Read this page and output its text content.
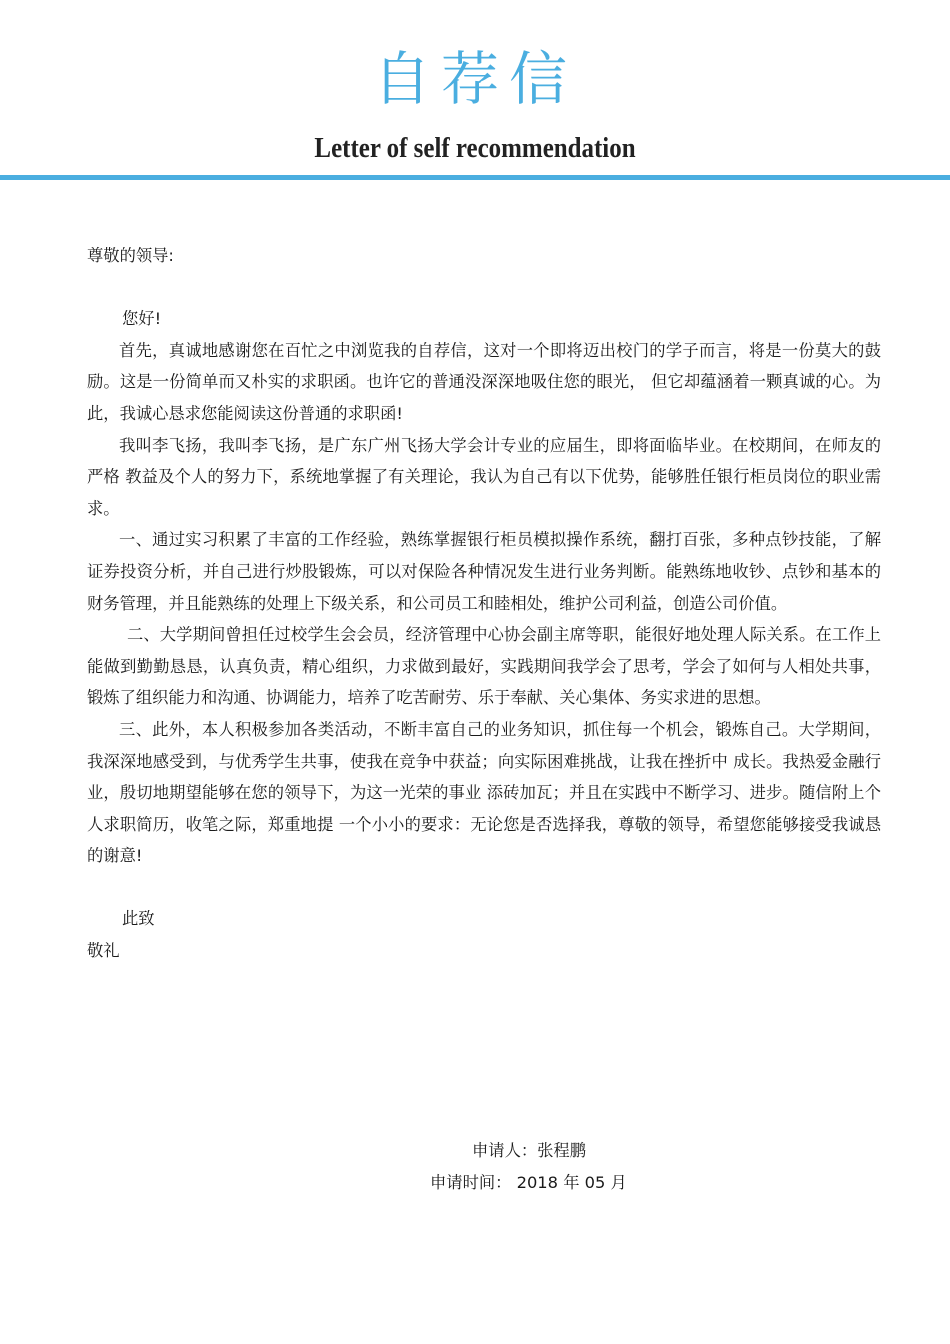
自荐信
Letter of self recommendation

尊敬的领导:

您好!

首先，真诚地感谢您在百忙之中浏览我的自荐信，这对一个即将迈出校门的学子而言，将是一份莫大的鼓励。这是一份简单而又朴实的求职函。也许它的普通没深深地吸住您的眼光， 但它却蕴涵着一颗真诚的心。为此，我诚心恳求您能阅读这份普通的求职函!

我叫李飞扬，我叫李飞扬，是广东广州飞扬大学会计专业的应届生，即将面临毕业。在校期间，在师友的严格 教益及个人的努力下，系统地掌握了有关理论，我认为自己有以下优势，能够胜任银行柜员岗位的职业需求。

一、通过实习积累了丰富的工作经验，熟练掌握银行柜员模拟操作系统，翻打百张，多种点钞技能，了解证券投资分析，并自己进行炒股锻炼，可以对保险各种情况发生进行业务判断。能熟练地收钞、点钞和基本的财务管理，并且能熟练的处理上下级关系，和公司员工和睦相处，维护公司利益，创造公司价值。

二、大学期间曾担任过校学生会会员，经济管理中心协会副主席等职，能很好地处理人际关系。在工作上能做到勤勤恳恳，认真负责，精心组织，力求做到最好，实践期间我学会了思考，学会了如何与人相处共事，锻炼了组织能力和沟通、协调能力，培养了吃苦耐劳、乐于奉献、关心集体、务实求进的思想。

三、此外，本人积极参加各类活动，不断丰富自己的业务知识，抓住每一个机会，锻炼自己。大学期间，我深深地感受到，与优秀学生共事，使我在竞争中获益；向实际困难挑战，让我在挫折中 成长。我热爱金融行业，殷切地期望能够在您的领导下，为这一光荣的事业 添砖加瓦；并且在实践中不断学习、进步。随信附上个人求职简历，收笔之际，郑重地提 一个小小的要求：无论您是否选择我，尊敬的领导，希望您能够接受我诚恳的谢意!

此致

敬礼

申请人：张程鹏
申请时间： 2018 年 05 月
